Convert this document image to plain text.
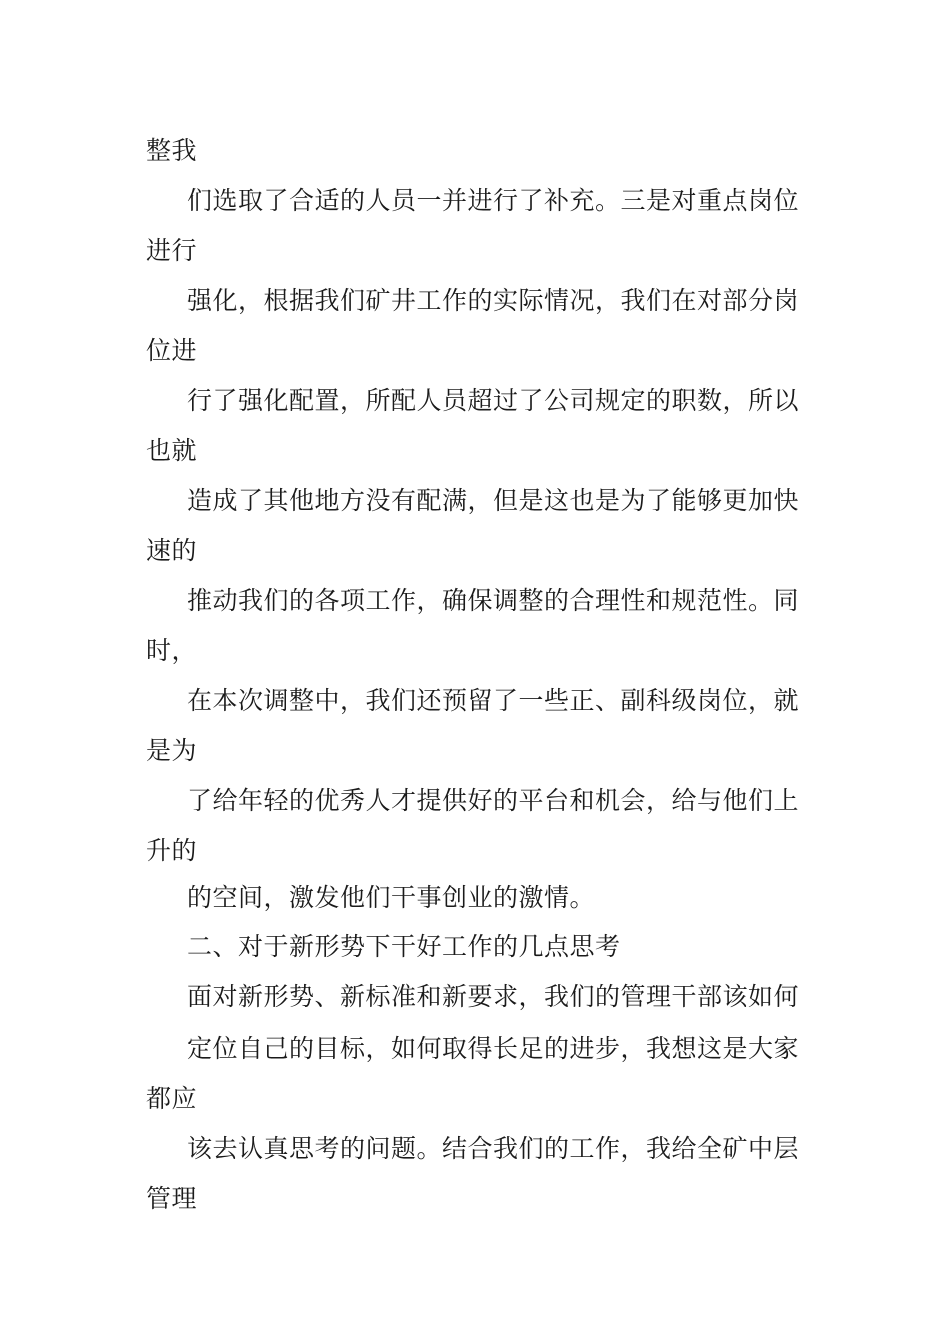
整我
们选取了合适的人员一并进行了补充。三是对重点岗位
进行
强化，根据我们矿井工作的实际情况，我们在对部分岗
位进
行了强化配置，所配人员超过了公司规定的职数，所以
也就
造成了其他地方没有配满，但是这也是为了能够更加快
速的
推动我们的各项工作，确保调整的合理性和规范性。同
时，
在本次调整中，我们还预留了一些正、副科级岗位，就
是为
了给年轻的优秀人才提供好的平台和机会，给与他们上
升的
的空间，激发他们干事创业的激情。
二、对于新形势下干好工作的几点思考
面对新形势、新标准和新要求，我们的管理干部该如何
定位自己的目标，如何取得长足的进步，我想这是大家
都应
该去认真思考的问题。结合我们的工作，我给全矿中层
管理
